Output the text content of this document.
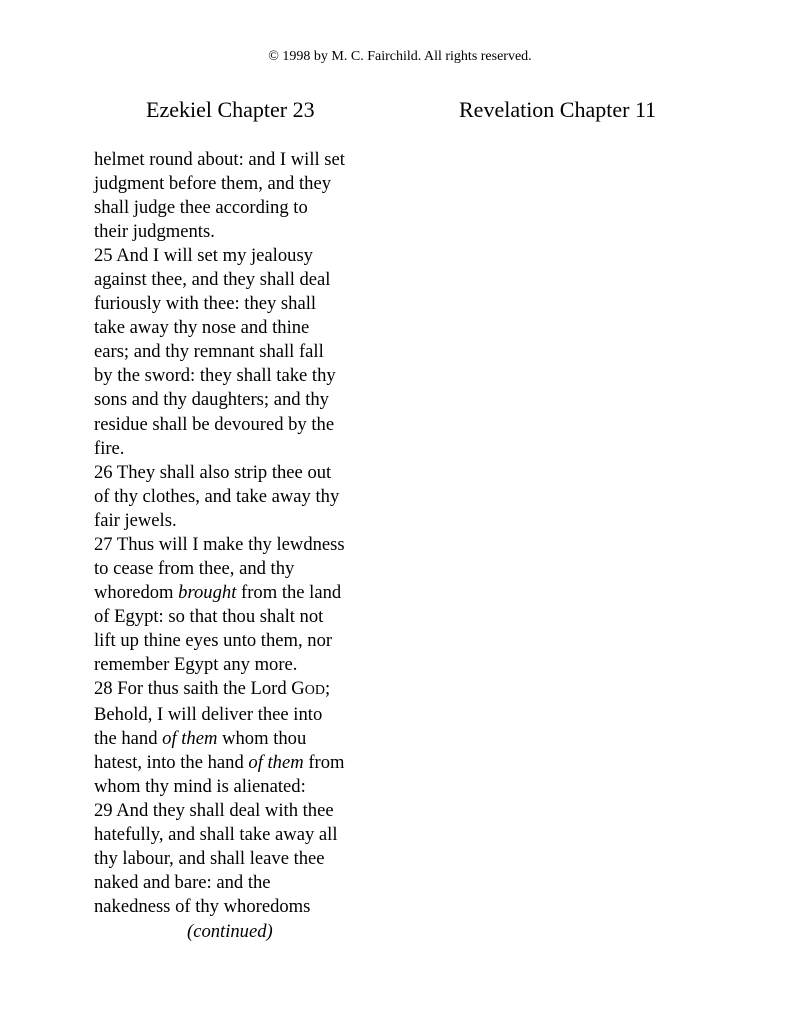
© 1998 by M. C. Fairchild. All rights reserved.
Ezekiel Chapter 23	Revelation Chapter 11
helmet round about: and I will set
judgment before them, and they
shall judge thee according to
their judgments.
25 And I will set my jealousy
against thee, and they shall deal
furiously with thee: they shall
take away thy nose and thine
ears; and thy remnant shall fall
by the sword: they shall take thy
sons and thy daughters; and thy
residue shall be devoured by the
fire.
26 They shall also strip thee out
of thy clothes, and take away thy
fair jewels.
27 Thus will I make thy lewdness
to cease from thee, and thy
whoredom brought from the land
of Egypt: so that thou shalt not
lift up thine eyes unto them, nor
remember Egypt any more.
28 For thus saith the Lord GOD;
Behold, I will deliver thee into
the hand of them whom thou
hatest, into the hand of them from
whom thy mind is alienated:
29 And they shall deal with thee
hatefully, and shall take away all
thy labour, and shall leave thee
naked and bare: and the
nakedness of thy whoredoms
(continued)
